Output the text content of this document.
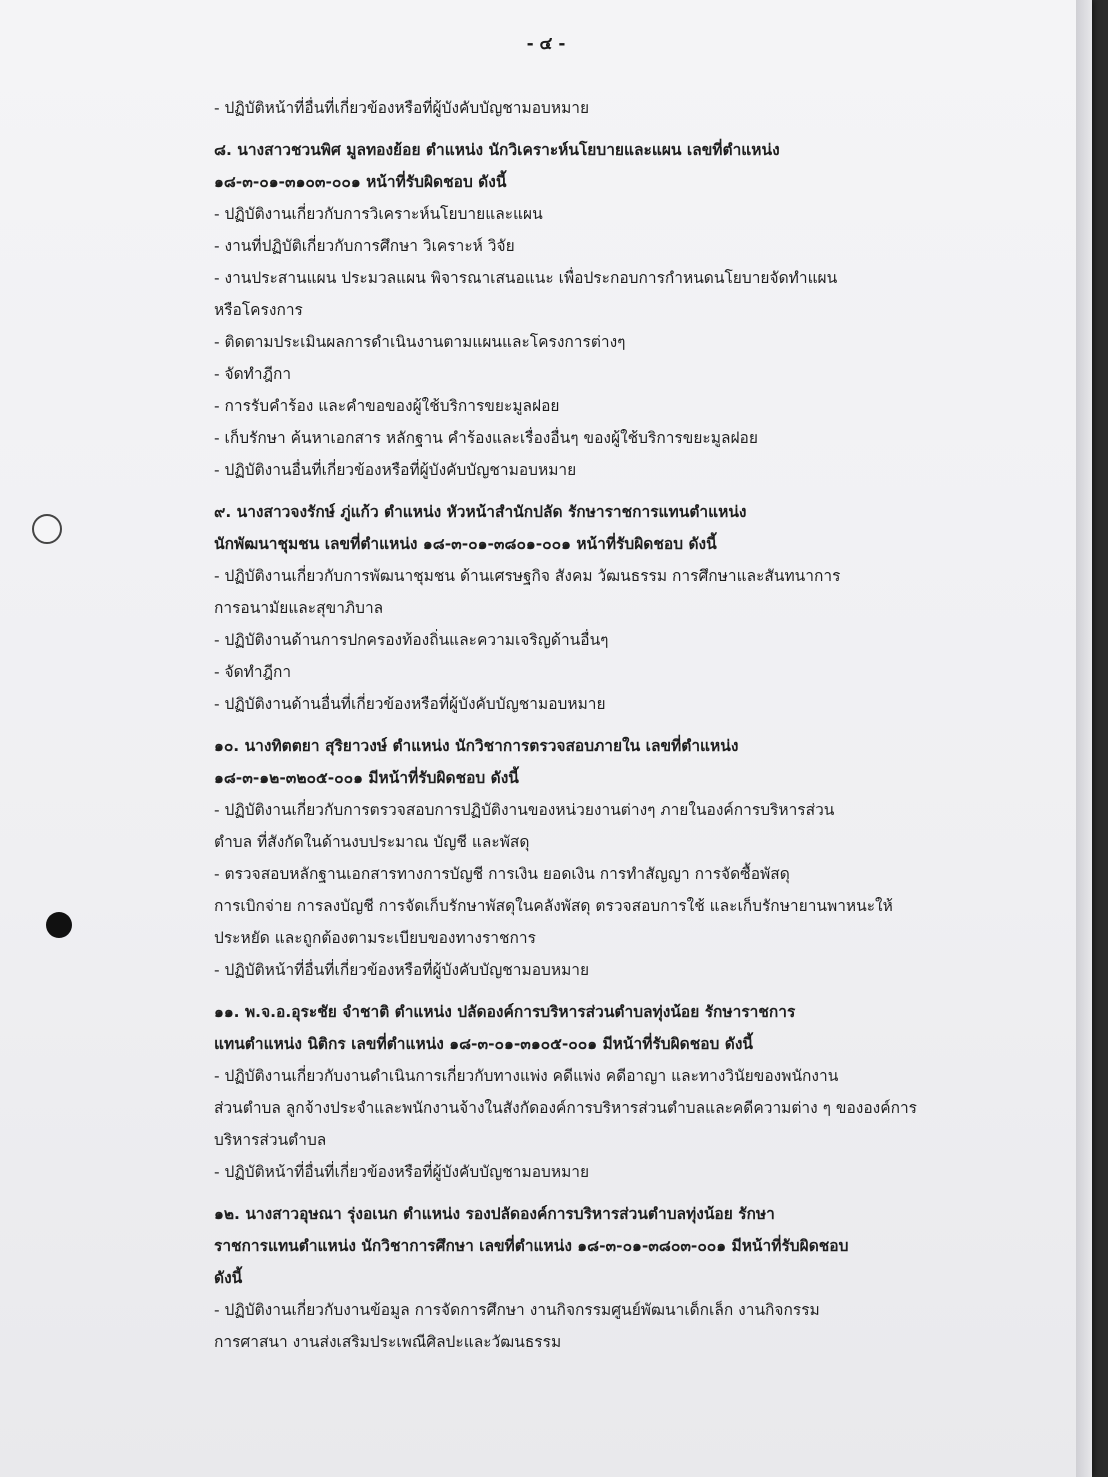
- ๔ -
- ปฏิบัติหน้าที่อื่นที่เกี่ยวข้องหรือที่ผู้บังคับบัญชามอบหมาย
๘. นางสาวชวนพิศ มูลทองย้อย ตำแหน่ง นักวิเคราะห์นโยบายและแผน เลขที่ตำแหน่ง
๑๘-๓-๐๑-๓๑๐๓-๐๐๑ หน้าที่รับผิดชอบ ดังนี้
- ปฏิบัติงานเกี่ยวกับการวิเคราะห์นโยบายและแผน
- งานที่ปฏิบัติเกี่ยวกับการศึกษา วิเคราะห์ วิจัย
- งานประสานแผน ประมวลแผน พิจารณาเสนอแนะ เพื่อประกอบการกำหนดนโยบายจัดทำแผน
หรือโครงการ
- ติดตามประเมินผลการดำเนินงานตามแผนและโครงการต่างๆ
- จัดทำฎีกา
- การรับคำร้อง และคำขอของผู้ใช้บริการขยะมูลฝอย
- เก็บรักษา ค้นหาเอกสาร หลักฐาน คำร้องและเรื่องอื่นๆ ของผู้ใช้บริการขยะมูลฝอย
- ปฏิบัติงานอื่นที่เกี่ยวข้องหรือที่ผู้บังคับบัญชามอบหมาย
๙. นางสาวจงรักษ์ ภู่แก้ว ตำแหน่ง หัวหน้าสำนักปลัด รักษาราชการแทนตำแหน่ง
นักพัฒนาชุมชน เลขที่ตำแหน่ง ๑๘-๓-๐๑-๓๘๐๑-๐๐๑ หน้าที่รับผิดชอบ ดังนี้
- ปฏิบัติงานเกี่ยวกับการพัฒนาชุมชน ด้านเศรษฐกิจ สังคม วัฒนธรรม การศึกษาและสันทนาการ
การอนามัยและสุขาภิบาล
- ปฏิบัติงานด้านการปกครองท้องถิ่นและความเจริญด้านอื่นๆ
- จัดทำฎีกา
- ปฏิบัติงานด้านอื่นที่เกี่ยวข้องหรือที่ผู้บังคับบัญชามอบหมาย
๑๐. นางทิตตยา สุริยาวงษ์ ตำแหน่ง นักวิชาการตรวจสอบภายใน เลขที่ตำแหน่ง
๑๘-๓-๑๒-๓๒๐๕-๐๐๑ มีหน้าที่รับผิดชอบ ดังนี้
- ปฏิบัติงานเกี่ยวกับการตรวจสอบการปฏิบัติงานของหน่วยงานต่างๆ ภายในองค์การบริหารส่วน
ตำบล ที่สังกัดในด้านงบประมาณ บัญชี และพัสดุ
- ตรวจสอบหลักฐานเอกสารทางการบัญชี การเงิน ยอดเงิน การทำสัญญา การจัดซื้อพัสดุ
การเบิกจ่าย การลงบัญชี การจัดเก็บรักษาพัสดุในคลังพัสดุ ตรวจสอบการใช้ และเก็บรักษายานพาหนะให้
ประหยัด และถูกต้องตามระเบียบของทางราชการ
- ปฏิบัติหน้าที่อื่นที่เกี่ยวข้องหรือที่ผู้บังคับบัญชามอบหมาย
๑๑. พ.จ.อ.อุระชัย จำชาติ ตำแหน่ง ปลัดองค์การบริหารส่วนตำบลทุ่งน้อย รักษาราชการ
แทนตำแหน่ง นิติกร เลขที่ตำแหน่ง ๑๘-๓-๐๑-๓๑๐๕-๐๐๑ มีหน้าที่รับผิดชอบ ดังนี้
- ปฏิบัติงานเกี่ยวกับงานดำเนินการเกี่ยวกับทางแพ่ง คดีแพ่ง คดีอาญา และทางวินัยของพนักงาน
ส่วนตำบล ลูกจ้างประจำและพนักงานจ้างในสังกัดองค์การบริหารส่วนตำบลและคดีความต่าง ๆ ขององค์การ
บริหารส่วนตำบล
- ปฏิบัติหน้าที่อื่นที่เกี่ยวข้องหรือที่ผู้บังคับบัญชามอบหมาย
๑๒. นางสาวอุษณา รุ่งอเนก ตำแหน่ง รองปลัดองค์การบริหารส่วนตำบลทุ่งน้อย รักษา
ราชการแทนตำแหน่ง นักวิชาการศึกษา เลขที่ตำแหน่ง ๑๘-๓-๐๑-๓๘๐๓-๐๐๑ มีหน้าที่รับผิดชอบ
ดังนี้
- ปฏิบัติงานเกี่ยวกับงานข้อมูล การจัดการศึกษา งานกิจกรรมศูนย์พัฒนาเด็กเล็ก งานกิจกรรม
การศาสนา งานส่งเสริมประเพณีศิลปะและวัฒนธรรม
